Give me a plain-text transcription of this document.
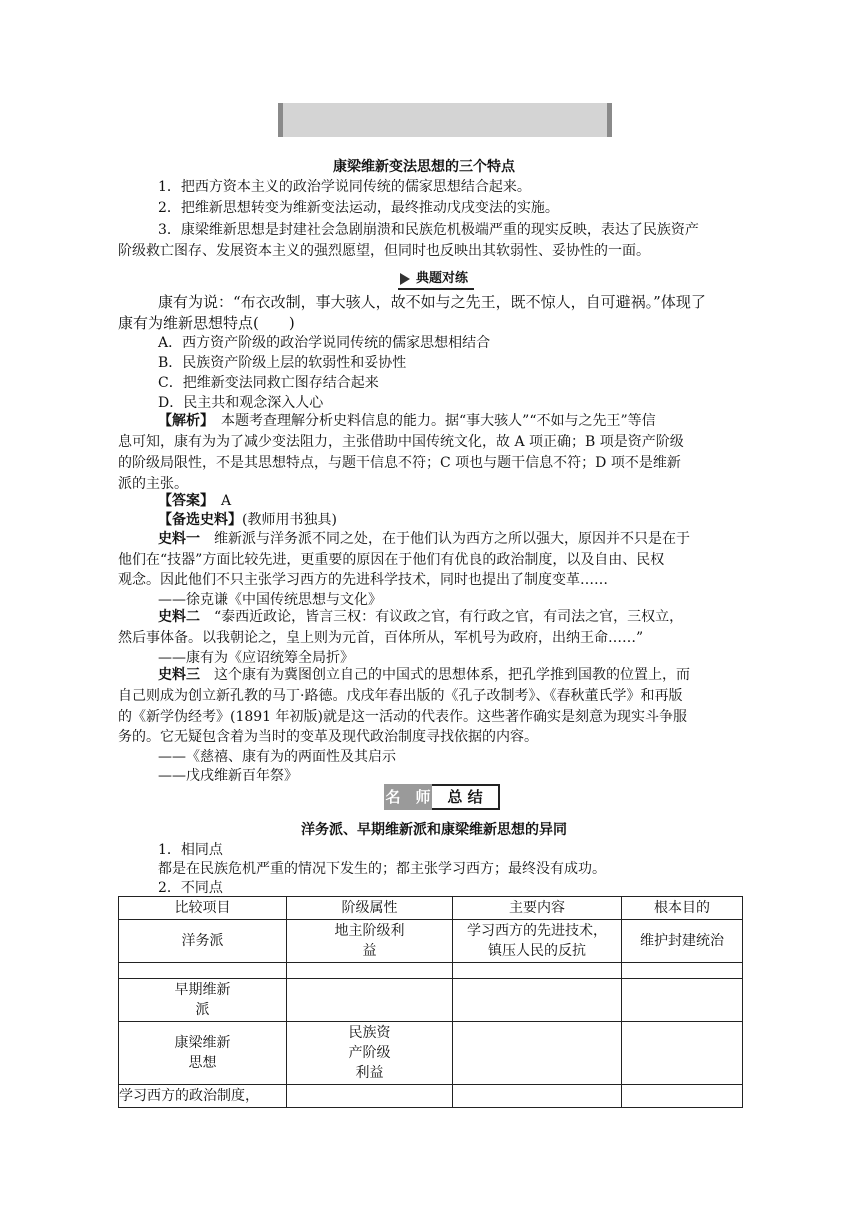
康梁维新变法思想的三个特点
1．把西方资本主义的政治学说同传统的儒家思想结合起来。
2．把维新思想转变为维新变法运动，最终推动戊戌变法的实施。
3．康梁维新思想是封建社会急剧崩溃和民族危机极端严重的现实反映，表达了民族资产
阶级救亡图存、发展资本主义的强烈愿望，但同时也反映出其软弱性、妥协性的一面。
典题对练
康有为说：“布衣改制，事大骇人，故不如与之先王，既不惊人，自可避祸。”体现了
康有为维新思想特点(　　)
A．西方资产阶级的政治学说同传统的儒家思想相结合
B．民族资产阶级上层的软弱性和妥协性
C．把维新变法同救亡图存结合起来
D．民主共和观念深入人心
【解析】　本题考查理解分析史料信息的能力。据“事大骇人”“不如与之先王”等信
息可知，康有为为了减少变法阻力，主张借助中国传统文化，故 A 项正确；B 项是资产阶级
的阶级局限性，不是其思想特点，与题干信息不符；C 项也与题干信息不符；D 项不是维新
派的主张。
【答案】　A
【备选史料】(教师用书独具)
史料一　维新派与洋务派不同之处，在于他们认为西方之所以强大，原因并不只是在于
他们在“技器”方面比较先进，更重要的原因在于他们有优良的政治制度，以及自由、民权
观念。因此他们不只主张学习西方的先进科学技术，同时也提出了制度变革……
——徐克谦《中国传统思想与文化》
史料二　“泰西近政论，皆言三权：有议政之官，有行政之官，有司法之官，三权立，
然后事体备。以我朝论之，皇上则为元首，百体所从，军机号为政府，出纳王命……”
——康有为《应诏统筹全局折》
史料三　这个康有为冀图创立自己的中国式的思想体系，把孔学推到国教的位置上，而
自己则成为创立新孔教的马丁·路德。戊戌年春出版的《孔子改制考》、《春秋董氏学》和再版
的《新学伪经考》(1891 年初版)就是这一活动的代表作。这些著作确实是刻意为现实斗争服
务的。它无疑包含着为当时的变革及现代政治制度寻找依据的内容。
——《慈禧、康有为的两面性及其启示
——戊戌维新百年祭》
名　师	总 结
洋务派、早期维新派和康梁维新思想的异同
1．相同点
都是在民族危机严重的情况下发生的；都主张学习西方；最终没有成功。
2．不同点
比较项目	阶级属性	主要内容	根本目的
洋务派	地主阶级利益	学习西方的先进技术，镇压人民的反抗	维护封建统治

早期维新派			

康梁维新思想	民族资产阶级利益		

学习西方的政治制度，			
